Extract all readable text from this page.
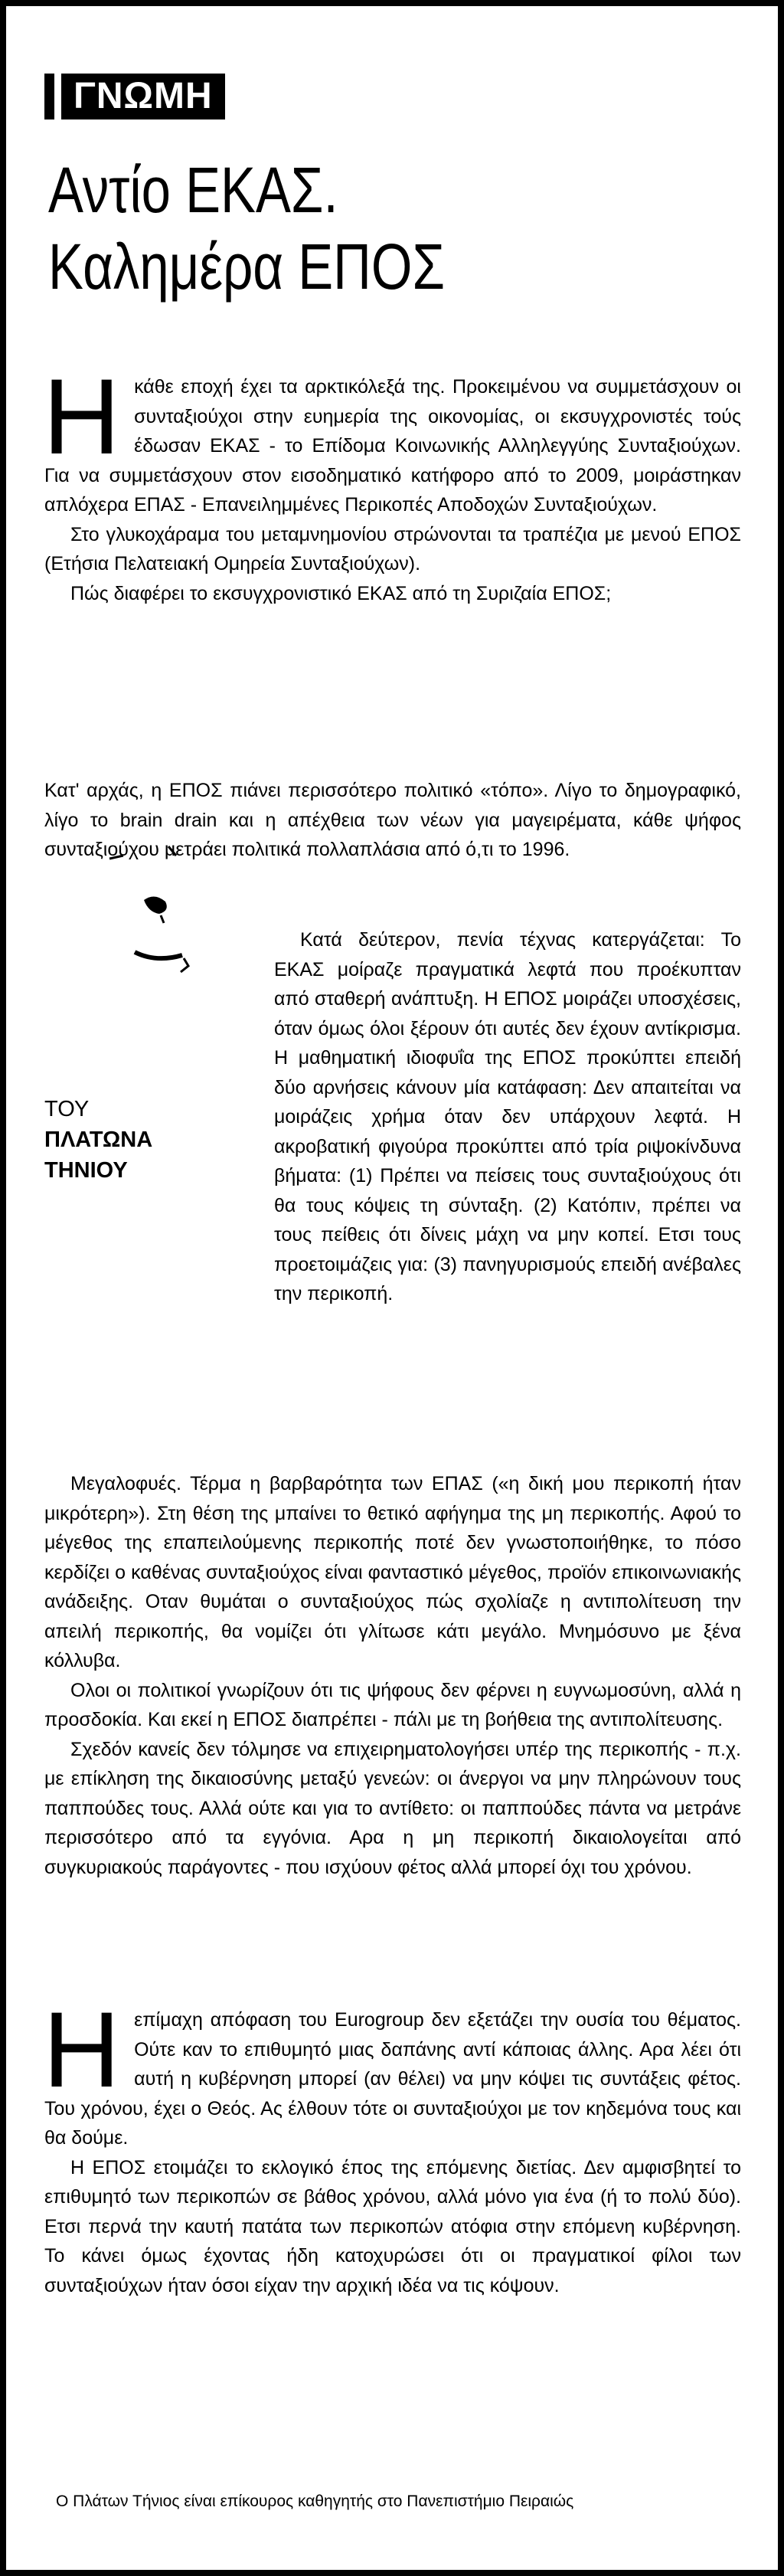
ΓΝΩΜΗ
Αντίο ΕΚΑΣ.
Καλημέρα ΕΠΟΣ
Η κάθε εποχή έχει τα αρκτικόλεξά της. Προκειμένου να συμμετάσχουν οι συνταξιούχοι στην ευημερία της οικονομίας, οι εκσυγχρονιστές τούς έδωσαν ΕΚΑΣ - το Επίδομα Κοινωνικής Αλληλεγγύης Συνταξιούχων. Για να συμμετάσχουν στον εισοδηματικό κατήφορο από το 2009, μοιράστηκαν απλόχερα ΕΠΑΣ - Επανειλημμένες Περικοπές Αποδοχών Συνταξιούχων.

Στο γλυκοχάραμα του μεταμνημονίου στρώνονται τα τραπέζια με μενού ΕΠΟΣ (Ετήσια Πελατειακή Ομηρεία Συνταξιούχων).

Πώς διαφέρει το εκσυγχρονιστικό ΕΚΑΣ από τη Συριζαία ΕΠΟΣ;

ΤΟΥ
ΠΛΑΤΩΝΑ
ΤΗΝΙΟΥ

Κατ' αρχάς, η ΕΠΟΣ πιάνει περισσότερο πολιτικό «τόπο». Λίγο το δημογραφικό, λίγο το brain drain και η απέχθεια των νέων για μαγειρέματα, κάθε ψήφος συνταξιούχου μετράει πολιτικά πολλαπλάσια από ό,τι το 1996.

Κατά δεύτερον, πενία τέχνας κατεργάζεται: Το ΕΚΑΣ μοίραζε πραγματικά λεφτά που προέκυπταν από σταθερή ανάπτυξη. Η ΕΠΟΣ μοιράζει υποσχέσεις, όταν όμως όλοι ξέρουν ότι αυτές δεν έχουν αντίκρισμα. Η μαθηματική ιδιοφυΐα της ΕΠΟΣ προκύπτει επειδή δύο αρνήσεις κάνουν μία κατάφαση: Δεν απαιτείται να μοιράζεις χρήμα όταν δεν υπάρχουν λεφτά. Η ακροβατική φιγούρα προκύπτει από τρία ριψοκίνδυνα βήματα: (1) Πρέπει να πείσεις τους συνταξιούχους ότι θα τους κόψεις τη σύνταξη. (2) Κατόπιν, πρέπει να τους πείθεις ότι δίνεις μάχη να μην κοπεί. Ετσι τους προετοιμάζεις για: (3) πανηγυρισμούς επειδή ανέβαλες την περικοπή.

Μεγαλοφυές. Τέρμα η βαρβαρότητα των ΕΠΑΣ («η δική μου περικοπή ήταν μικρότερη»). Στη θέση της μπαίνει το θετικό αφήγημα της μη περικοπής. Αφού το μέγεθος της επαπειλούμενης περικοπής ποτέ δεν γνωστοποιήθηκε, το πόσο κερδίζει ο καθένας συνταξιούχος είναι φανταστικό μέγεθος, προϊόν επικοινωνιακής ανάδειξης. Οταν θυμάται ο συνταξιούχος πώς σχολίαζε η αντιπολίτευση την απειλή περικοπής, θα νομίζει ότι γλίτωσε κάτι μεγάλο. Μνημόσυνο με ξένα κόλλυβα.

Ολοι οι πολιτικοί γνωρίζουν ότι τις ψήφους δεν φέρνει η ευγνωμοσύνη, αλλά η προσδοκία. Και εκεί η ΕΠΟΣ διαπρέπει - πάλι με τη βοήθεια της αντιπολίτευσης.

Σχεδόν κανείς δεν τόλμησε να επιχειρηματολογήσει υπέρ της περικοπής - π.χ. με επίκληση της δικαιοσύνης μεταξύ γενεών: οι άνεργοι να μην πληρώνουν τους παππούδες τους. Αλλά ούτε και για το αντίθετο: οι παππούδες πάντα να μετράνε περισσότερο από τα εγγόνια. Αρα η μη περικοπή δικαιολογείται από συγκυριακούς παράγοντες - που ισχύουν φέτος αλλά μπορεί όχι του χρόνου.

Η επίμαχη απόφαση του Eurogroup δεν εξετάζει την ουσία του θέματος. Ούτε καν το επιθυμητό μιας δαπάνης αντί κάποιας άλλης. Αρα λέει ότι αυτή η κυβέρνηση μπορεί (αν θέλει) να μην κόψει τις συντάξεις φέτος. Του χρόνου, έχει ο Θεός. Ας έλθουν τότε οι συνταξιούχοι με τον κηδεμόνα τους και θα δούμε.

Η ΕΠΟΣ ετοιμάζει το εκλογικό έπος της επόμενης διετίας. Δεν αμφισβητεί το επιθυμητό των περικοπών σε βάθος χρόνου, αλλά μόνο για ένα (ή το πολύ δύο). Ετσι περνά την καυτή πατάτα των περικοπών ατόφια στην επόμενη κυβέρνηση. Το κάνει όμως έχοντας ήδη κατοχυρώσει ότι οι πραγματικοί φίλοι των συνταξιούχων ήταν όσοι είχαν την αρχική ιδέα να τις κόψουν.

Ο Πλάτων Τήνιος είναι επίκουρος καθηγητής στο Πανεπιστήμιο Πειραιώς
